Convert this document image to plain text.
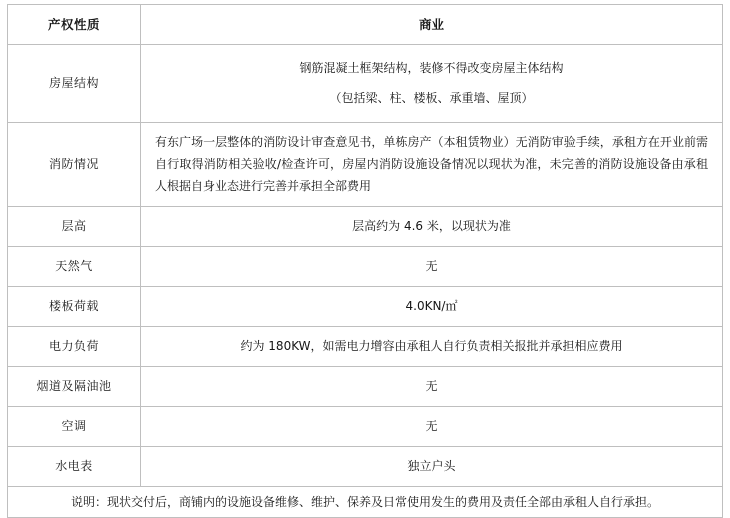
产权性质	商业
房屋结构	钢筋混凝土框架结构，装修不得改变房屋主体结构
（包括梁、柱、楼板、承重墙、屋顶）

消防情况	有东广场一层整体的消防设计审查意见书，单栋房产（本租赁物业）无消防审验手续，承租方在开业前需自行取得消防相关验收/检查许可，房屋内消防设施设备情况以现状为准，未完善的消防设施设备由承租人根据自身业态进行完善并承担全部费用
层高	层高约为 4.6 米，以现状为准
天然气	无
楼板荷载	4.0KN/㎡
电力负荷	约为 180KW，如需电力增容由承租人自行负责相关报批并承担相应费用
烟道及隔油池	无
空调	无
水电表	独立户头
说明：现状交付后，商铺内的设施设备维修、维护、保养及日常使用发生的费用及责任全部由承租人自行承担。	
